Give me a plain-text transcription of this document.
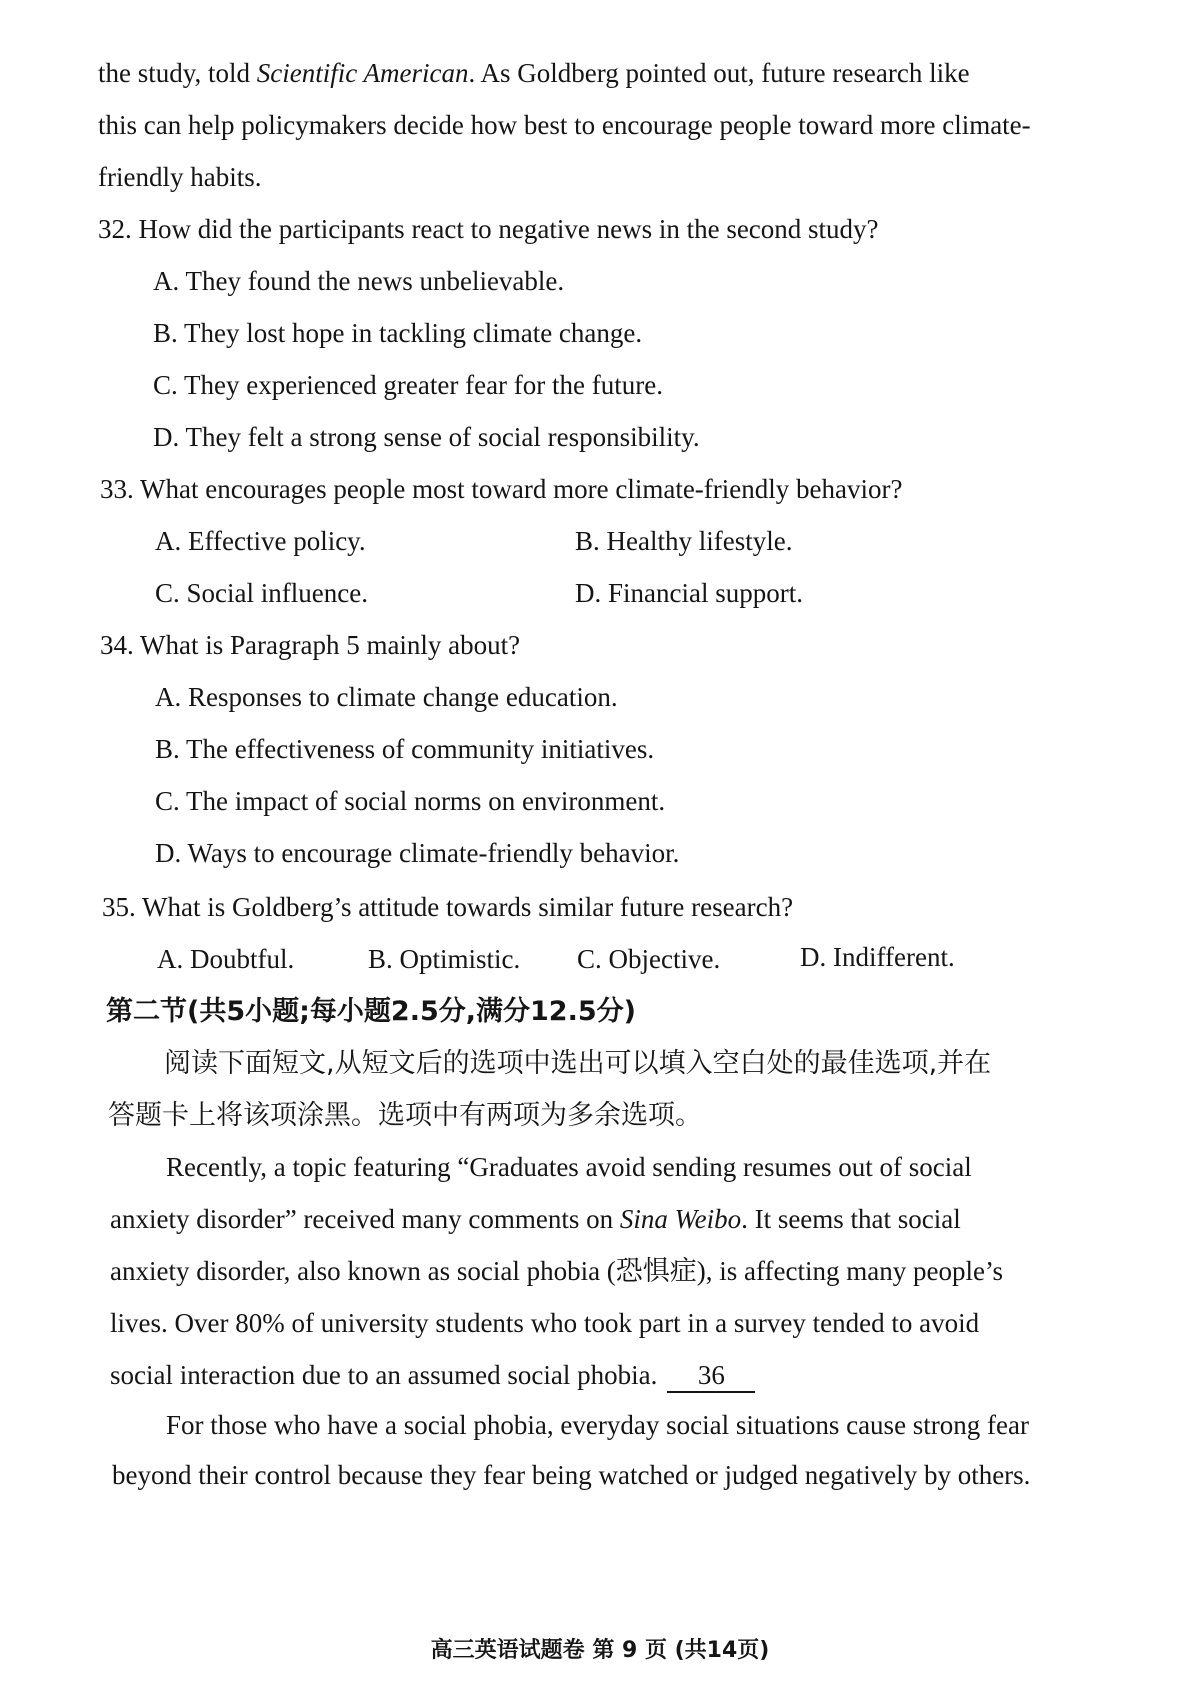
the study, told Scientific American. As Goldberg pointed out, future research like
this can help policymakers decide how best to encourage people toward more climate-
friendly habits.
32. How did the participants react to negative news in the second study?
A. They found the news unbelievable.
B. They lost hope in tackling climate change.
C. They experienced greater fear for the future.
D. They felt a strong sense of social responsibility.
33. What encourages people most toward more climate-friendly behavior?
A. Effective policy.	B. Healthy lifestyle.
C. Social influence.	D. Financial support.
34. What is Paragraph 5 mainly about?
A. Responses to climate change education.
B. The effectiveness of community initiatives.
C. The impact of social norms on environment.
D. Ways to encourage climate-friendly behavior.
35. What is Goldberg’s attitude towards similar future research?
A. Doubtful.	B. Optimistic. C. Objective.	D. Indifferent.
第二节(共5小题;每小题2.5分,满分12.5分)
阅读下面短文,从短文后的选项中选出可以填入空白处的最佳选项,并在
答题卡上将该项涂黑。选项中有两项为多余选项。
Recently, a topic featuring “Graduates avoid sending resumes out of social
anxiety disorder” received many comments on Sina Weibo. It seems that social
anxiety disorder, also known as social phobia (恐惧症), is affecting many people’s
lives. Over 80% of university students who took part in a survey tended to avoid
social interaction due to an assumed social phobia. 36
For those who have a social phobia, everyday social situations cause strong fear
beyond their control because they fear being watched or judged negatively by others.
高三英语试题卷 第 9 页 (共14页)
